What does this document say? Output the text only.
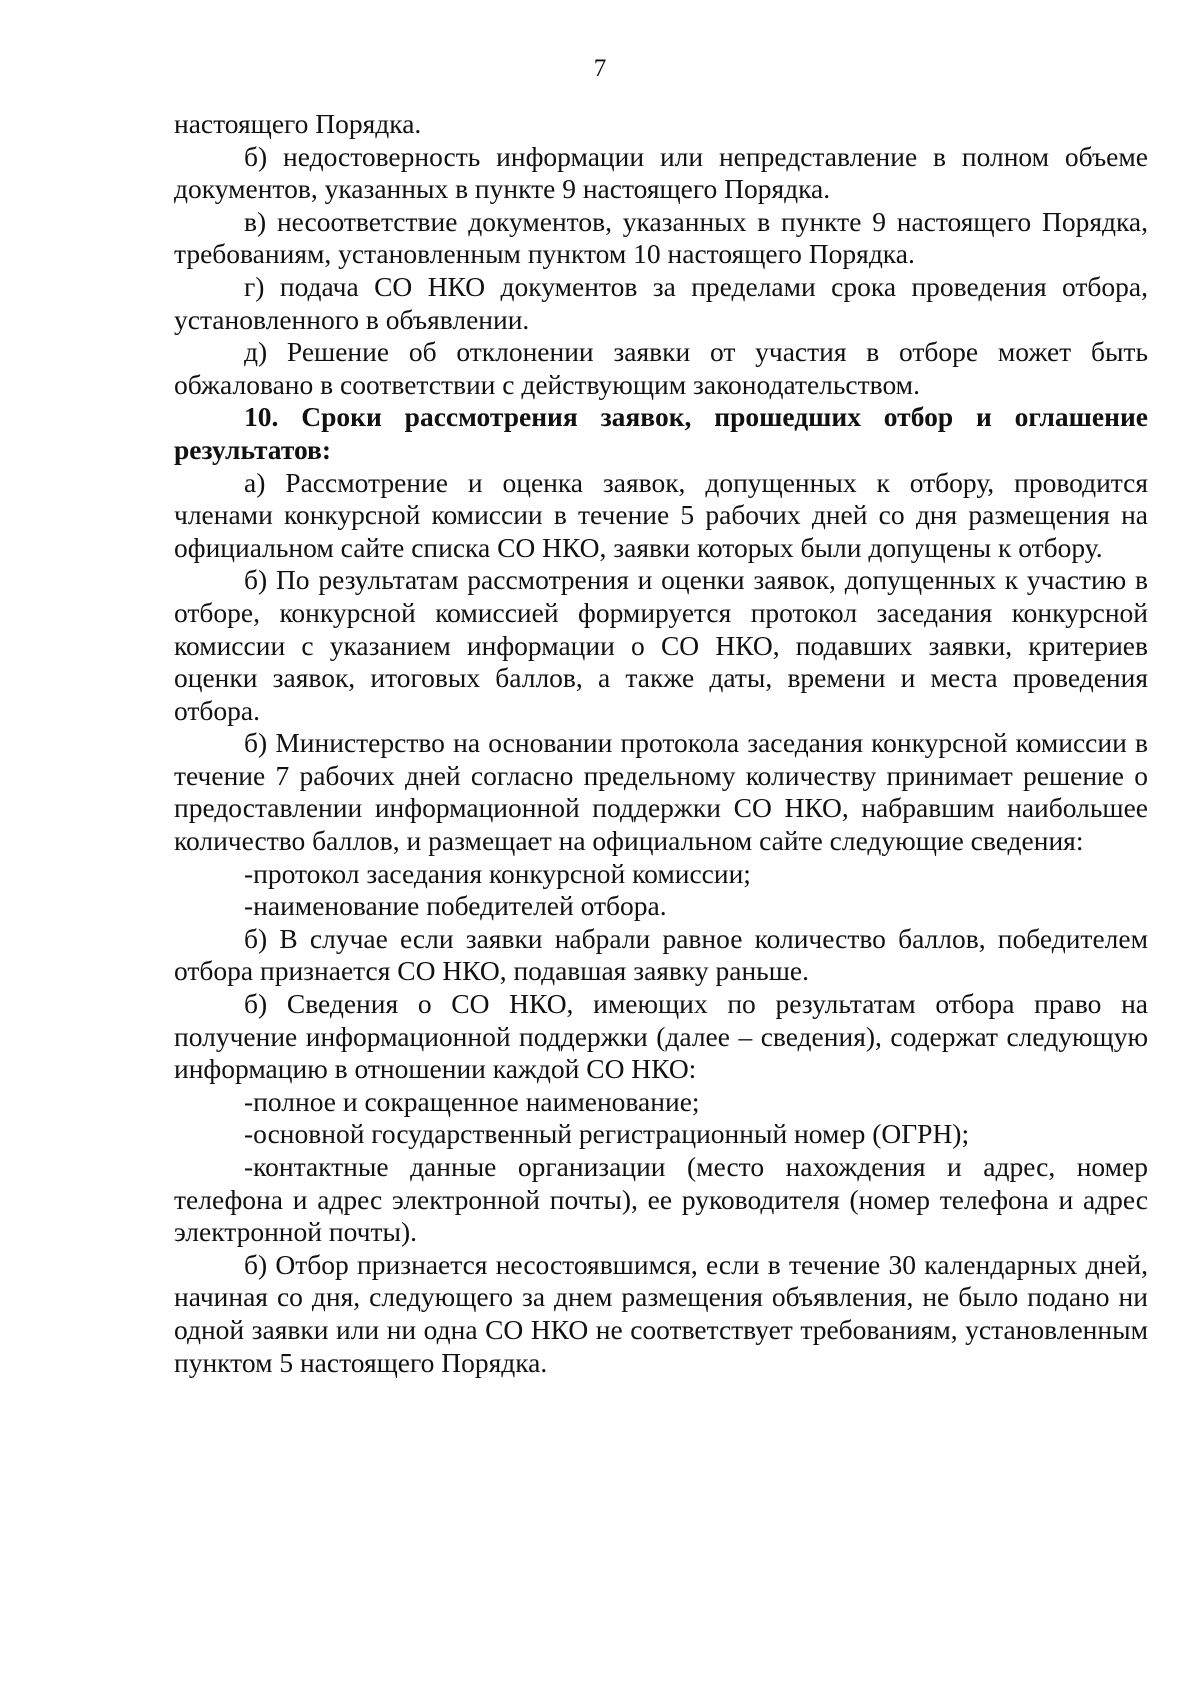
7

настоящего Порядка.

б) недостоверность информации или непредставление в полном объеме документов, указанных в пункте 9 настоящего Порядка.

в) несоответствие документов, указанных в пункте 9 настоящего Порядка, требованиям, установленным пунктом 10 настоящего Порядка.

г) подача СО НКО документов за пределами срока проведения отбора, установленного в объявлении.

д) Решение об отклонении заявки от участия в отборе может быть обжаловано в соответствии с действующим законодательством.

10. Сроки рассмотрения заявок, прошедших отбор и оглашение результатов:

а) Рассмотрение и оценка заявок, допущенных к отбору, проводится членами конкурсной комиссии в течение 5 рабочих дней со дня размещения на официальном сайте списка СО НКО, заявки которых были допущены к отбору.

б) По результатам рассмотрения и оценки заявок, допущенных к участию в отборе, конкурсной комиссией формируется протокол заседания конкурсной комиссии с указанием информации о СО НКО, подавших заявки, критериев оценки заявок, итоговых баллов, а также даты, времени и места проведения отбора.

б) Министерство на основании протокола заседания конкурсной комиссии в течение 7 рабочих дней согласно предельному количеству принимает решение о предоставлении информационной поддержки СО НКО, набравшим наибольшее количество баллов, и размещает на официальном сайте следующие сведения:

-протокол заседания конкурсной комиссии;

-наименование победителей отбора.

б) В случае если заявки набрали равное количество баллов, победителем отбора признается СО НКО, подавшая заявку раньше.

б) Сведения о СО НКО, имеющих по результатам отбора право на получение информационной поддержки (далее – сведения), содержат следующую информацию в отношении каждой СО НКО:

-полное и сокращенное наименование;

-основной государственный регистрационный номер (ОГРН);

-контактные данные организации (место нахождения и адрес, номер телефона и адрес электронной почты), ее руководителя (номер телефона и адрес электронной почты).

б) Отбор признается несостоявшимся, если в течение 30 календарных дней, начиная со дня, следующего за днем размещения объявления, не было подано ни одной заявки или ни одна СО НКО не соответствует требованиям, установленным пунктом 5 настоящего Порядка.
